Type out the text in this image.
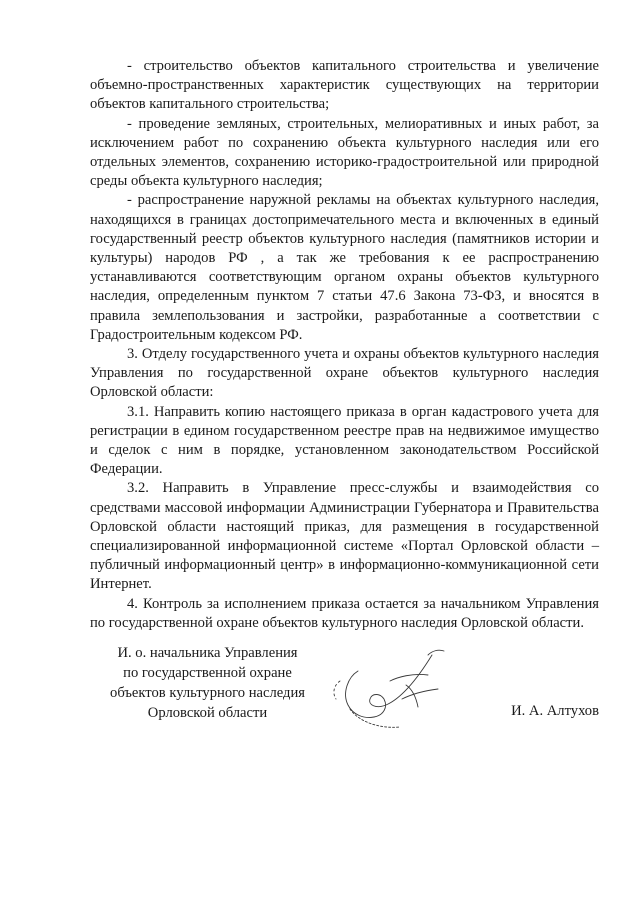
- строительство объектов капитального строительства и увеличение объемно-пространственных характеристик существующих на территории объектов капитального строительства;

- проведение земляных, строительных, мелиоративных и иных работ, за исключением работ по сохранению объекта культурного наследия или его отдельных элементов, сохранению историко-градостроительной или природной среды объекта культурного наследия;

- распространение наружной рекламы на объектах культурного наследия, находящихся в границах достопримечательного места и включенных в единый государственный реестр объектов культурного наследия (памятников истории и культуры) народов РФ , а так же требования к ее распространению устанавливаются соответствующим органом охраны объектов культурного наследия, определенным пунктом 7 статьи 47.6 Закона 73-ФЗ, и вносятся в правила землепользования и застройки, разработанные а соответствии с Градостроительным кодексом РФ.

3. Отделу государственного учета и охраны объектов культурного наследия Управления по государственной охране объектов культурного наследия Орловской области:

3.1. Направить копию настоящего приказа в орган кадастрового учета для регистрации в едином государственном реестре прав на недвижимое имущество и сделок с ним в порядке, установленном законодательством Российской Федерации.

3.2. Направить в Управление пресс-службы и взаимодействия со средствами массовой информации Администрации Губернатора и Правительства Орловской области настоящий приказ, для размещения в государственной специализированной информационной системе «Портал Орловской области – публичный информационный центр» в информационно-коммуникационной сети Интернет.

4. Контроль за исполнением приказа остается за начальником Управления по государственной охране объектов культурного наследия Орловской области.

И. о. начальника Управления
по государственной охране
объектов культурного наследия
Орловской области	И. А. Алтухов
